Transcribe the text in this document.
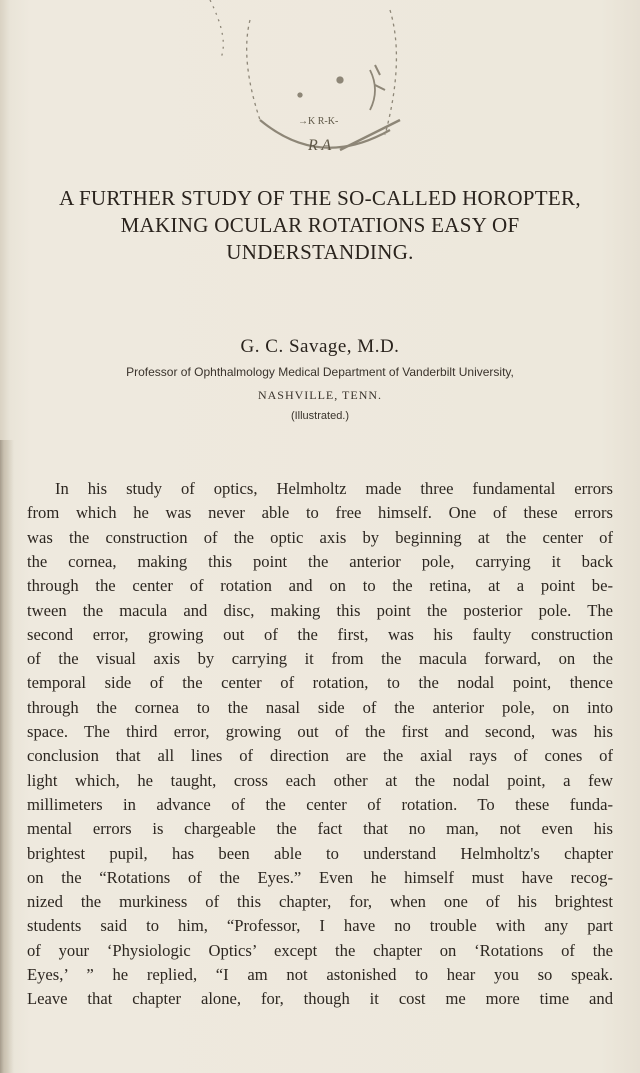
→K R-K-
R A
A FURTHER STUDY OF THE SO-CALLED HOROPTER,
MAKING OCULAR ROTATIONS EASY OF
UNDERSTANDING.
G. C. Savage, M.D.
Professor of Ophthalmology Medical Department of Vanderbilt University,
NASHVILLE, TENN.
(Illustrated.)
In his study of optics, Helmholtz made three fundamental errors
from which he was never able to free himself. One of these errors
was the construction of the optic axis by beginning at the center of
the cornea, making this point the anterior pole, carrying it back
through the center of rotation and on to the retina, at a point be-
tween the macula and disc, making this point the posterior pole. The
second error, growing out of the first, was his faulty construction
of the visual axis by carrying it from the macula forward, on the
temporal side of the center of rotation, to the nodal point, thence
through the cornea to the nasal side of the anterior pole, on into
space. The third error, growing out of the first and second, was his
conclusion that all lines of direction are the axial rays of cones of
light which, he taught, cross each other at the nodal point, a few
millimeters in advance of the center of rotation. To these funda-
mental errors is chargeable the fact that no man, not even his
brightest pupil, has been able to understand Helmholtz's chapter
on the “Rotations of the Eyes.” Even he himself must have recog-
nized the murkiness of this chapter, for, when one of his brightest
students said to him, “Professor, I have no trouble with any part
of your ‘Physiologic Optics’ except the chapter on ‘Rotations of the
Eyes,’ ” he replied, “I am not astonished to hear you so speak.
Leave that chapter alone, for, though it cost me more time and
